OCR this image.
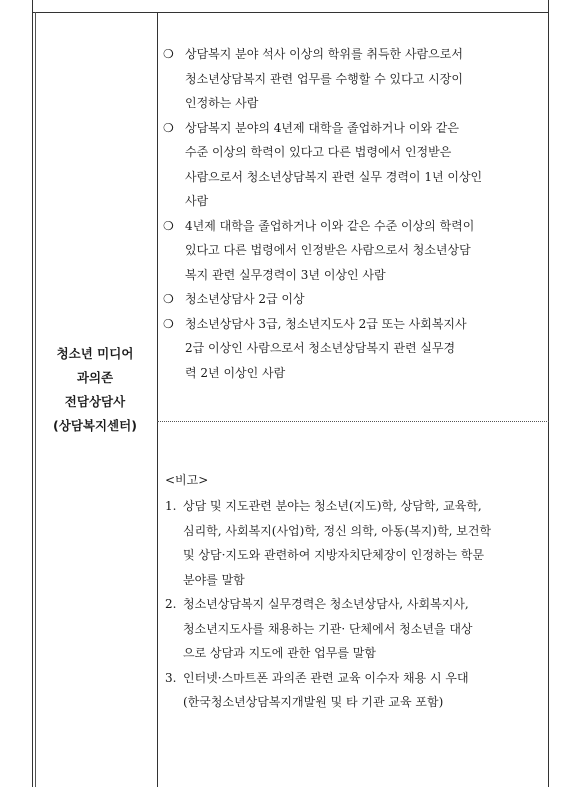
청소년 미디어
과의존
전담상담사
(상담복지센터)
❍ 상담복지 분야 석사 이상의 학위를 취득한 사람으로서
청소년상담복지 관련 업무를 수행할 수 있다고 시장이
인정하는 사람
❍ 상담복지 분야의 4년제 대학을 졸업하거나 이와 같은
수준 이상의 학력이 있다고 다른 법령에서 인정받은
사람으로서 청소년상담복지 관련 실무 경력이 1년 이상인
사람
❍ 4년제 대학을 졸업하거나 이와 같은 수준 이상의 학력이
있다고 다른 법령에서 인정받은 사람으로서 청소년상담
복지 관련 실무경력이 3년 이상인 사람
❍ 청소년상담사 2급 이상
❍ 청소년상담사 3급, 청소년지도사 2급 또는 사회복지사
2급 이상인 사람으로서 청소년상담복지 관련 실무경
력 2년 이상인 사람
<비고>
1. 상담 및 지도관련 분야는 청소년(지도)학, 상담학, 교육학,
심리학, 사회복지(사업)학, 정신 의학, 아동(복지)학, 보건학
및 상담·지도와 관련하여 지방자치단체장이 인정하는 학문
분야를 말함
2. 청소년상담복지 실무경력은 청소년상담사, 사회복지사,
청소년지도사를 채용하는 기관· 단체에서 청소년을 대상
으로 상담과 지도에 관한 업무를 말함
3. 인터넷·스마트폰 과의존 관련 교육 이수자 채용 시 우대
(한국청소년상담복지개발원 및 타 기관 교육 포함)
